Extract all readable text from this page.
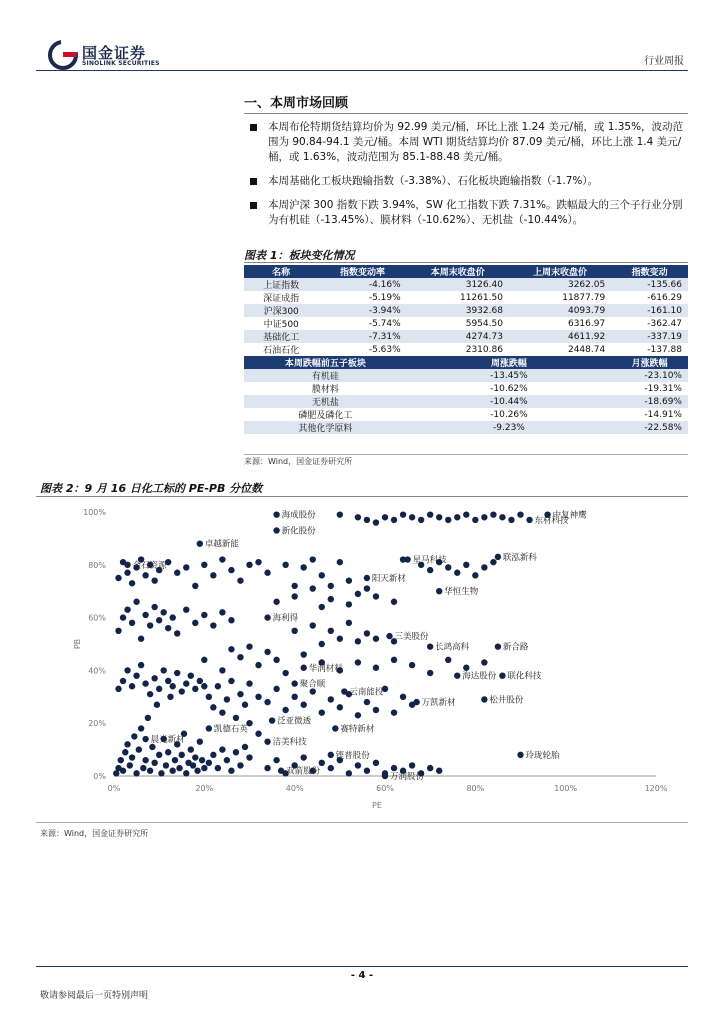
国金证券
SINOLINK SECURITIES	行业周报
一、本周市场回顾
本周布伦特期货结算均价为 92.99 美元/桶，环比上涨 1.24 美元/桶，或 1.35%，波动范围为 90.84-94.1 美元/桶。本周 WTI 期货结算均价 87.09 美元/桶，环比上涨 1.4 美元/桶，或 1.63%，波动范围为 85.1-88.48 美元/桶。
本周基础化工板块跑输指数（-3.38%）、石化板块跑输指数（-1.7%）。
本周沪深 300 指数下跌 3.94%，SW 化工指数下跌 7.31%。跌幅最大的三个子行业分别为有机硅（-13.45%）、膜材料（-10.62%）、无机盐（-10.44%）。
图表 1：板块变化情况
名称	指数变动率	本周末收盘价	上周末收盘价	指数变动
上证指数	-4.16%	3126.40	3262.05	-135.66
深证成指	-5.19%	11261.50	11877.79	-616.29
沪深300	-3.94%	3932.68	4093.79	-161.10
中证500	-5.74%	5954.50	6316.97	-362.47
基础化工	-7.31%	4274.73	4611.92	-337.19
石油石化	-5.63%	2310.86	2448.74	-137.88
本周跌幅前五子板块		周涨跌幅		月涨跌幅
有机硅		-13.45%		-23.10%
膜材料		-10.62%		-19.31%
无机盐		-10.44%		-18.69%
磷肥及磷化工		-10.26%		-14.91%
其他化学原料		-9.23%		-22.58%
来源：Wind，国金证券研究所
图表 2：9 月 16 日化工标的 PE-PB 分位数
0%	20%	40%	60%	80%	100%	120%
0%
20%
40%
60%
80%
100%
PE
PB
海成股份
新化股份
中复神鹰
东材科技
卓越新能
联泓新科
金石资源
星马科技
华恒生物
阳天新材
海利得
三美股份
长鸿高科	新合路
华润材料
海达股份 联化科技
聚合顺
云南能投
万凯新材	松井股份
泛亚微透
凯德石英	赛特新材
洁美科技
晨光新材
铿普股份	玲珑轮胎
双箭股份
万润股份
来源：Wind，国金证券研究所
- 4 -
敬请参阅最后一页特别声明
